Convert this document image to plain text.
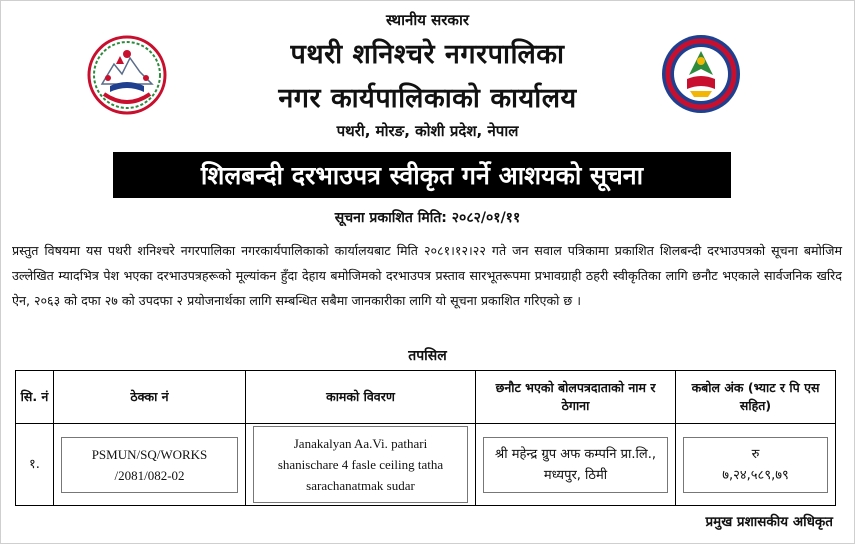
स्थानीय सरकार
पथरी शनिश्चरे नगरपालिका
नगर कार्यपालिकाको कार्यालय
पथरी, मोरङ, कोशी प्रदेश, नेपाल
शिलबन्दी दरभाउपत्र स्वीकृत गर्ने आशयको सूचना
सूचना प्रकाशित मिति: २०८२/०१/११
प्रस्तुत विषयमा यस पथरी शनिश्चरे नगरपालिका नगरकार्यपालिकाको कार्यालयबाट मिति २०८१।१२।२२ गते जन सवाल पत्रिकामा प्रकाशित शिलबन्दी दरभाउपत्रको सूचना बमोजिम उल्लेखित म्यादभित्र पेश भएका दरभाउपत्रहरूको मूल्यांकन हुँदा देहाय बमोजिमको दरभाउपत्र प्रस्ताव सारभूतरूपमा प्रभावग्राही ठहरी स्वीकृतिका लागि छनौट भएकाले सार्वजनिक खरिद ऐन, २०६३ को दफा २७ को उपदफा २ प्रयोजनार्थका लागि सम्बन्धित सबैमा जानकारीका लागि यो सूचना प्रकाशित गरिएको छ ।
तपसिल
सि. नं	ठेक्का नं	कामको विवरण	छनौट भएको बोलपत्रदाताको नाम र ठेगाना	कबोल अंक (भ्याट र पि एस सहित)
१.	PSMUN/SQ/WORKS /2081/082-02	Janakalyan Aa.Vi. pathari shanischare 4 fasle ceiling tatha sarachanatmak sudar	श्री महेन्द्र ग्रुप अफ कम्पनि प्रा.लि., मध्यपुर, ठिमी	रु
७,२४,५८९,७९
प्रमुख प्रशासकीय अधिकृत
